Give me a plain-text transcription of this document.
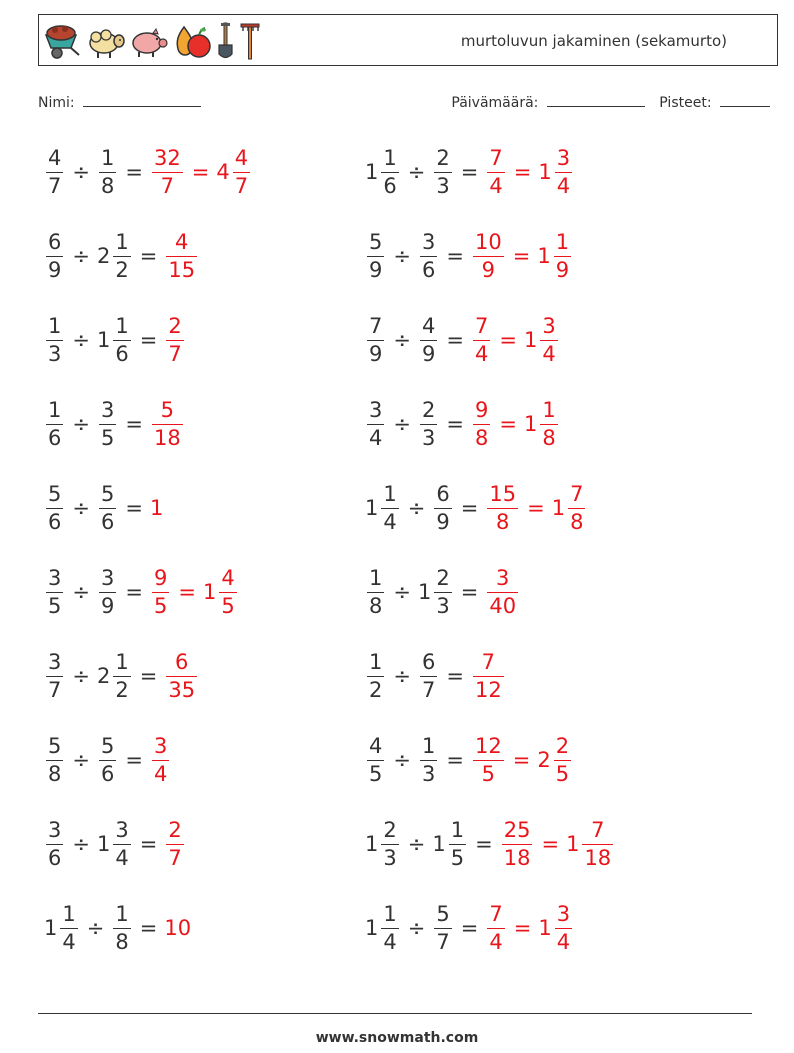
murtoluvun jakaminen (sekamurto)
Nimi:	Päivämäärä:	Pisteet:
$\frac{4}{7} \div \frac{1}{8} = \frac{32}{7} = 4 \frac{4}{7}$	$1 \frac{1}{6} \div \frac{2}{3} = \frac{7}{4} = 1 \frac{3}{4}$
$\frac{6}{9} \div 2 \frac{1}{2} = \frac{4}{15}$	$\frac{5}{9} \div \frac{3}{6} = \frac{10}{9} = 1 \frac{1}{9}$
$\frac{1}{3} \div 1 \frac{1}{6} = \frac{2}{7}$	$\frac{7}{9} \div \frac{4}{9} = \frac{7}{4} = 1 \frac{3}{4}$
$\frac{1}{6} \div \frac{3}{5} = \frac{5}{18}$	$\frac{3}{4} \div \frac{2}{3} = \frac{9}{8} = 1 \frac{1}{8}$
$\frac{5}{6} \div \frac{5}{6} = 1$	$1 \frac{1}{4} \div \frac{6}{9} = \frac{15}{8} = 1 \frac{7}{8}$
$\frac{3}{5} \div \frac{3}{9} = \frac{9}{5} = 1 \frac{4}{5}$	$\frac{1}{8} \div 1 \frac{2}{3} = \frac{3}{40}$
$\frac{3}{7} \div 2 \frac{1}{2} = \frac{6}{35}$	$\frac{1}{2} \div \frac{6}{7} = \frac{7}{12}$
$\frac{5}{8} \div \frac{5}{6} = \frac{3}{4}$	$\frac{4}{5} \div \frac{1}{3} = \frac{12}{5} = 2 \frac{2}{5}$
$\frac{3}{6} \div 1 \frac{3}{4} = \frac{2}{7}$	$1 \frac{2}{3} \div 1 \frac{1}{5} = \frac{25}{18} = 1 \frac{7}{18}$
$1 \frac{1}{4} \div \frac{1}{8} = 10$	$1 \frac{1}{4} \div \frac{5}{7} = \frac{7}{4} = 1 \frac{3}{4}$
www.snowmath.com
